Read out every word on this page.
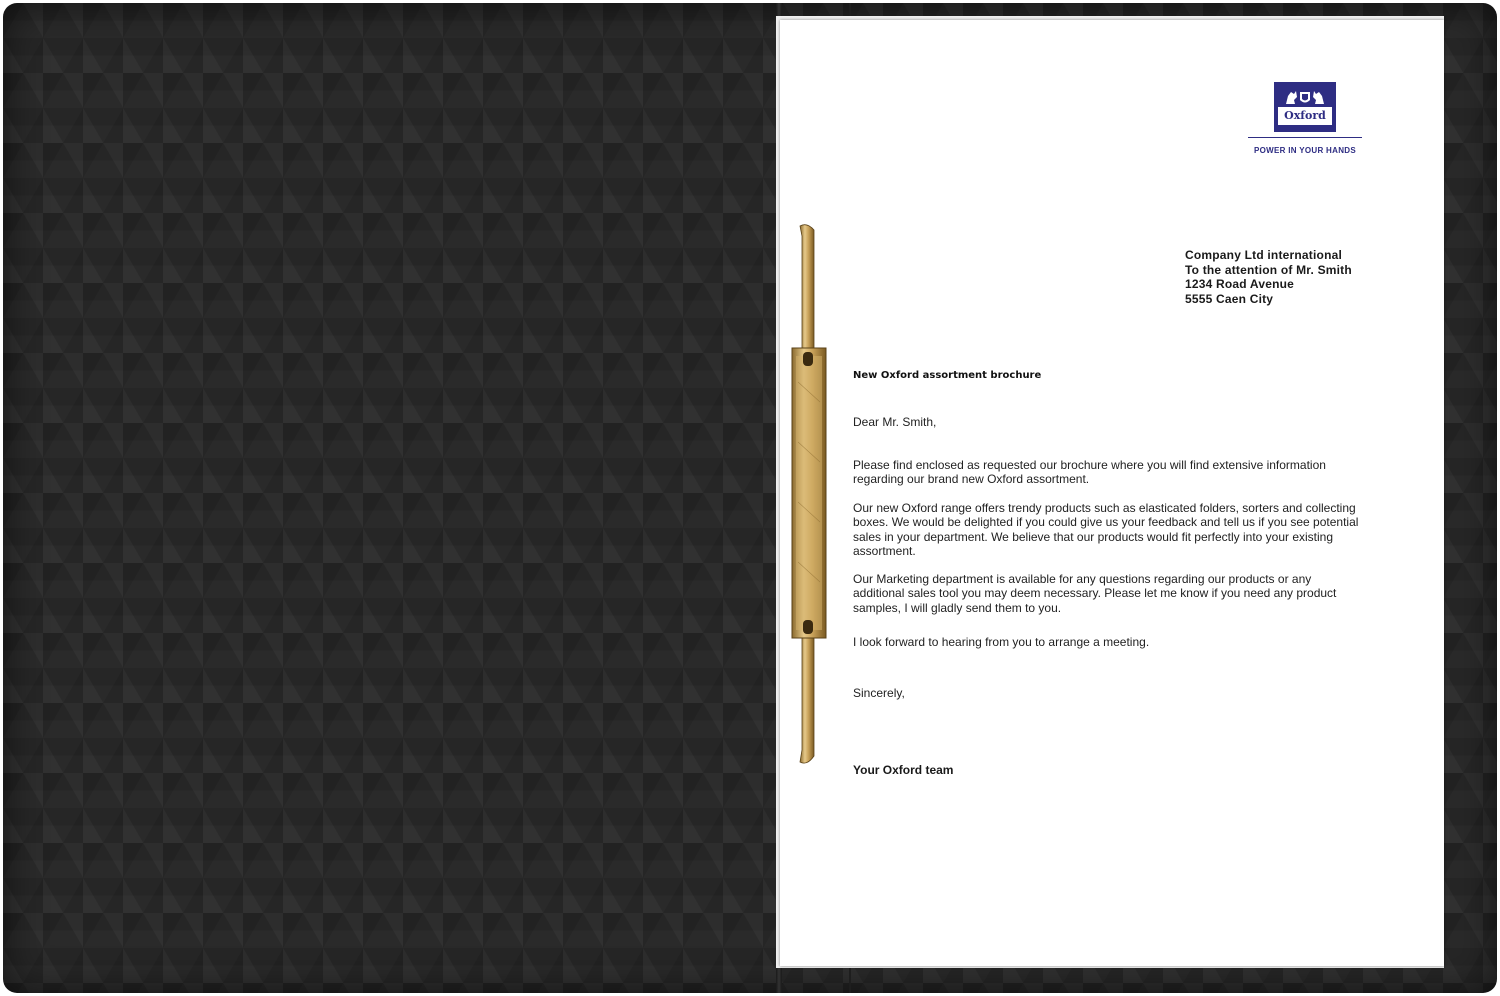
Oxford
POWER IN YOUR HANDS
Company Ltd international
To the attention of Mr. Smith
1234 Road Avenue
5555 Caen City
New Oxford assortment brochure
Dear Mr. Smith,
Please find enclosed as requested our brochure where you will find extensive information regarding our brand new Oxford assortment.
Our new Oxford range offers trendy products such as elasticated folders, sorters and collecting boxes. We would be delighted if you could give us your feedback and tell us if you see potential sales in your department. We believe that our products would fit perfectly into your existing assortment.
Our Marketing department is available for any questions regarding our products or any additional sales tool you may deem necessary. Please let me know if you need any product samples, I will gladly send them to you.
I look forward to hearing from you to arrange a meeting.
Sincerely,
Your Oxford team
